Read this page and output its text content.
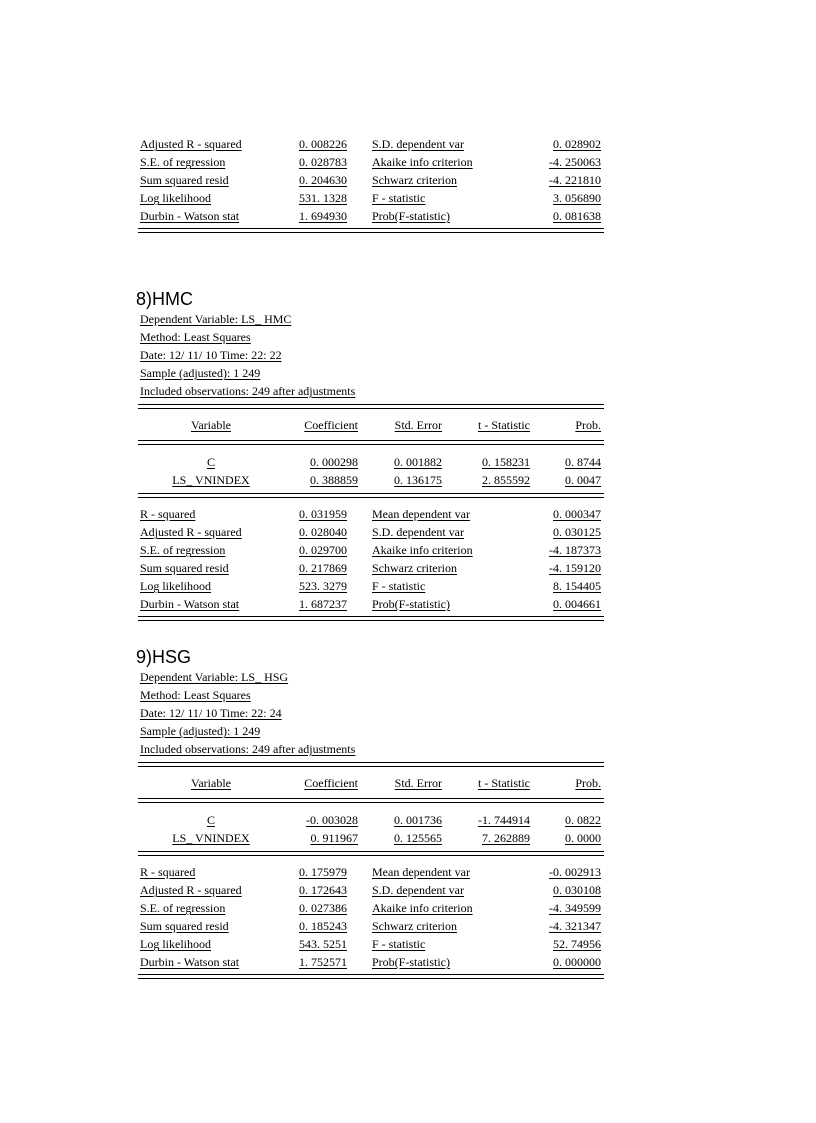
Adjusted R - squared	0. 008226 S.D. dependent var	0. 028902
S.E. of regression	0. 028783 Akaike info criterion	-4. 250063
Sum squared resid	0. 204630 Schwarz criterion	-4. 221810
Log likelihood	531. 1328 F - statistic	3. 056890
Durbin - Watson stat	1. 694930 Prob(F-statistic)	0. 081638
8)HMC
Dependent Variable: LS_ HMC
Method: Least Squares
Date: 12/ 11/ 10 Time: 22: 22
Sample (adjusted): 1 249
Included observations: 249 after adjustments
Variable	Coefficient	Std. Error	t - Statistic	Prob.
C	0. 000298	0. 001882	0. 158231	0. 8744
LS_ VNINDEX	0. 388859	0. 136175	2. 855592	0. 0047
R - squared	0. 031959 Mean dependent var	0. 000347
Adjusted R - squared	0. 028040 S.D. dependent var	0. 030125
S.E. of regression	0. 029700 Akaike info criterion	-4. 187373
Sum squared resid	0. 217869 Schwarz criterion	-4. 159120
Log likelihood	523. 3279 F - statistic	8. 154405
Durbin - Watson stat	1. 687237 Prob(F-statistic)	0. 004661
9)HSG
Dependent Variable: LS_ HSG
Method: Least Squares
Date: 12/ 11/ 10 Time: 22: 24
Sample (adjusted): 1 249
Included observations: 249 after adjustments
Variable	Coefficient	Std. Error	t - Statistic	Prob.
C	-0. 003028	0. 001736	-1. 744914	0. 0822
LS_ VNINDEX	0. 911967	0. 125565	7. 262889	0. 0000
R - squared	0. 175979 Mean dependent var	-0. 002913
Adjusted R - squared	0. 172643 S.D. dependent var	0. 030108
S.E. of regression	0. 027386 Akaike info criterion	-4. 349599
Sum squared resid	0. 185243 Schwarz criterion	-4. 321347
Log likelihood	543. 5251 F - statistic	52. 74956
Durbin - Watson stat	1. 752571 Prob(F-statistic)	0. 000000
